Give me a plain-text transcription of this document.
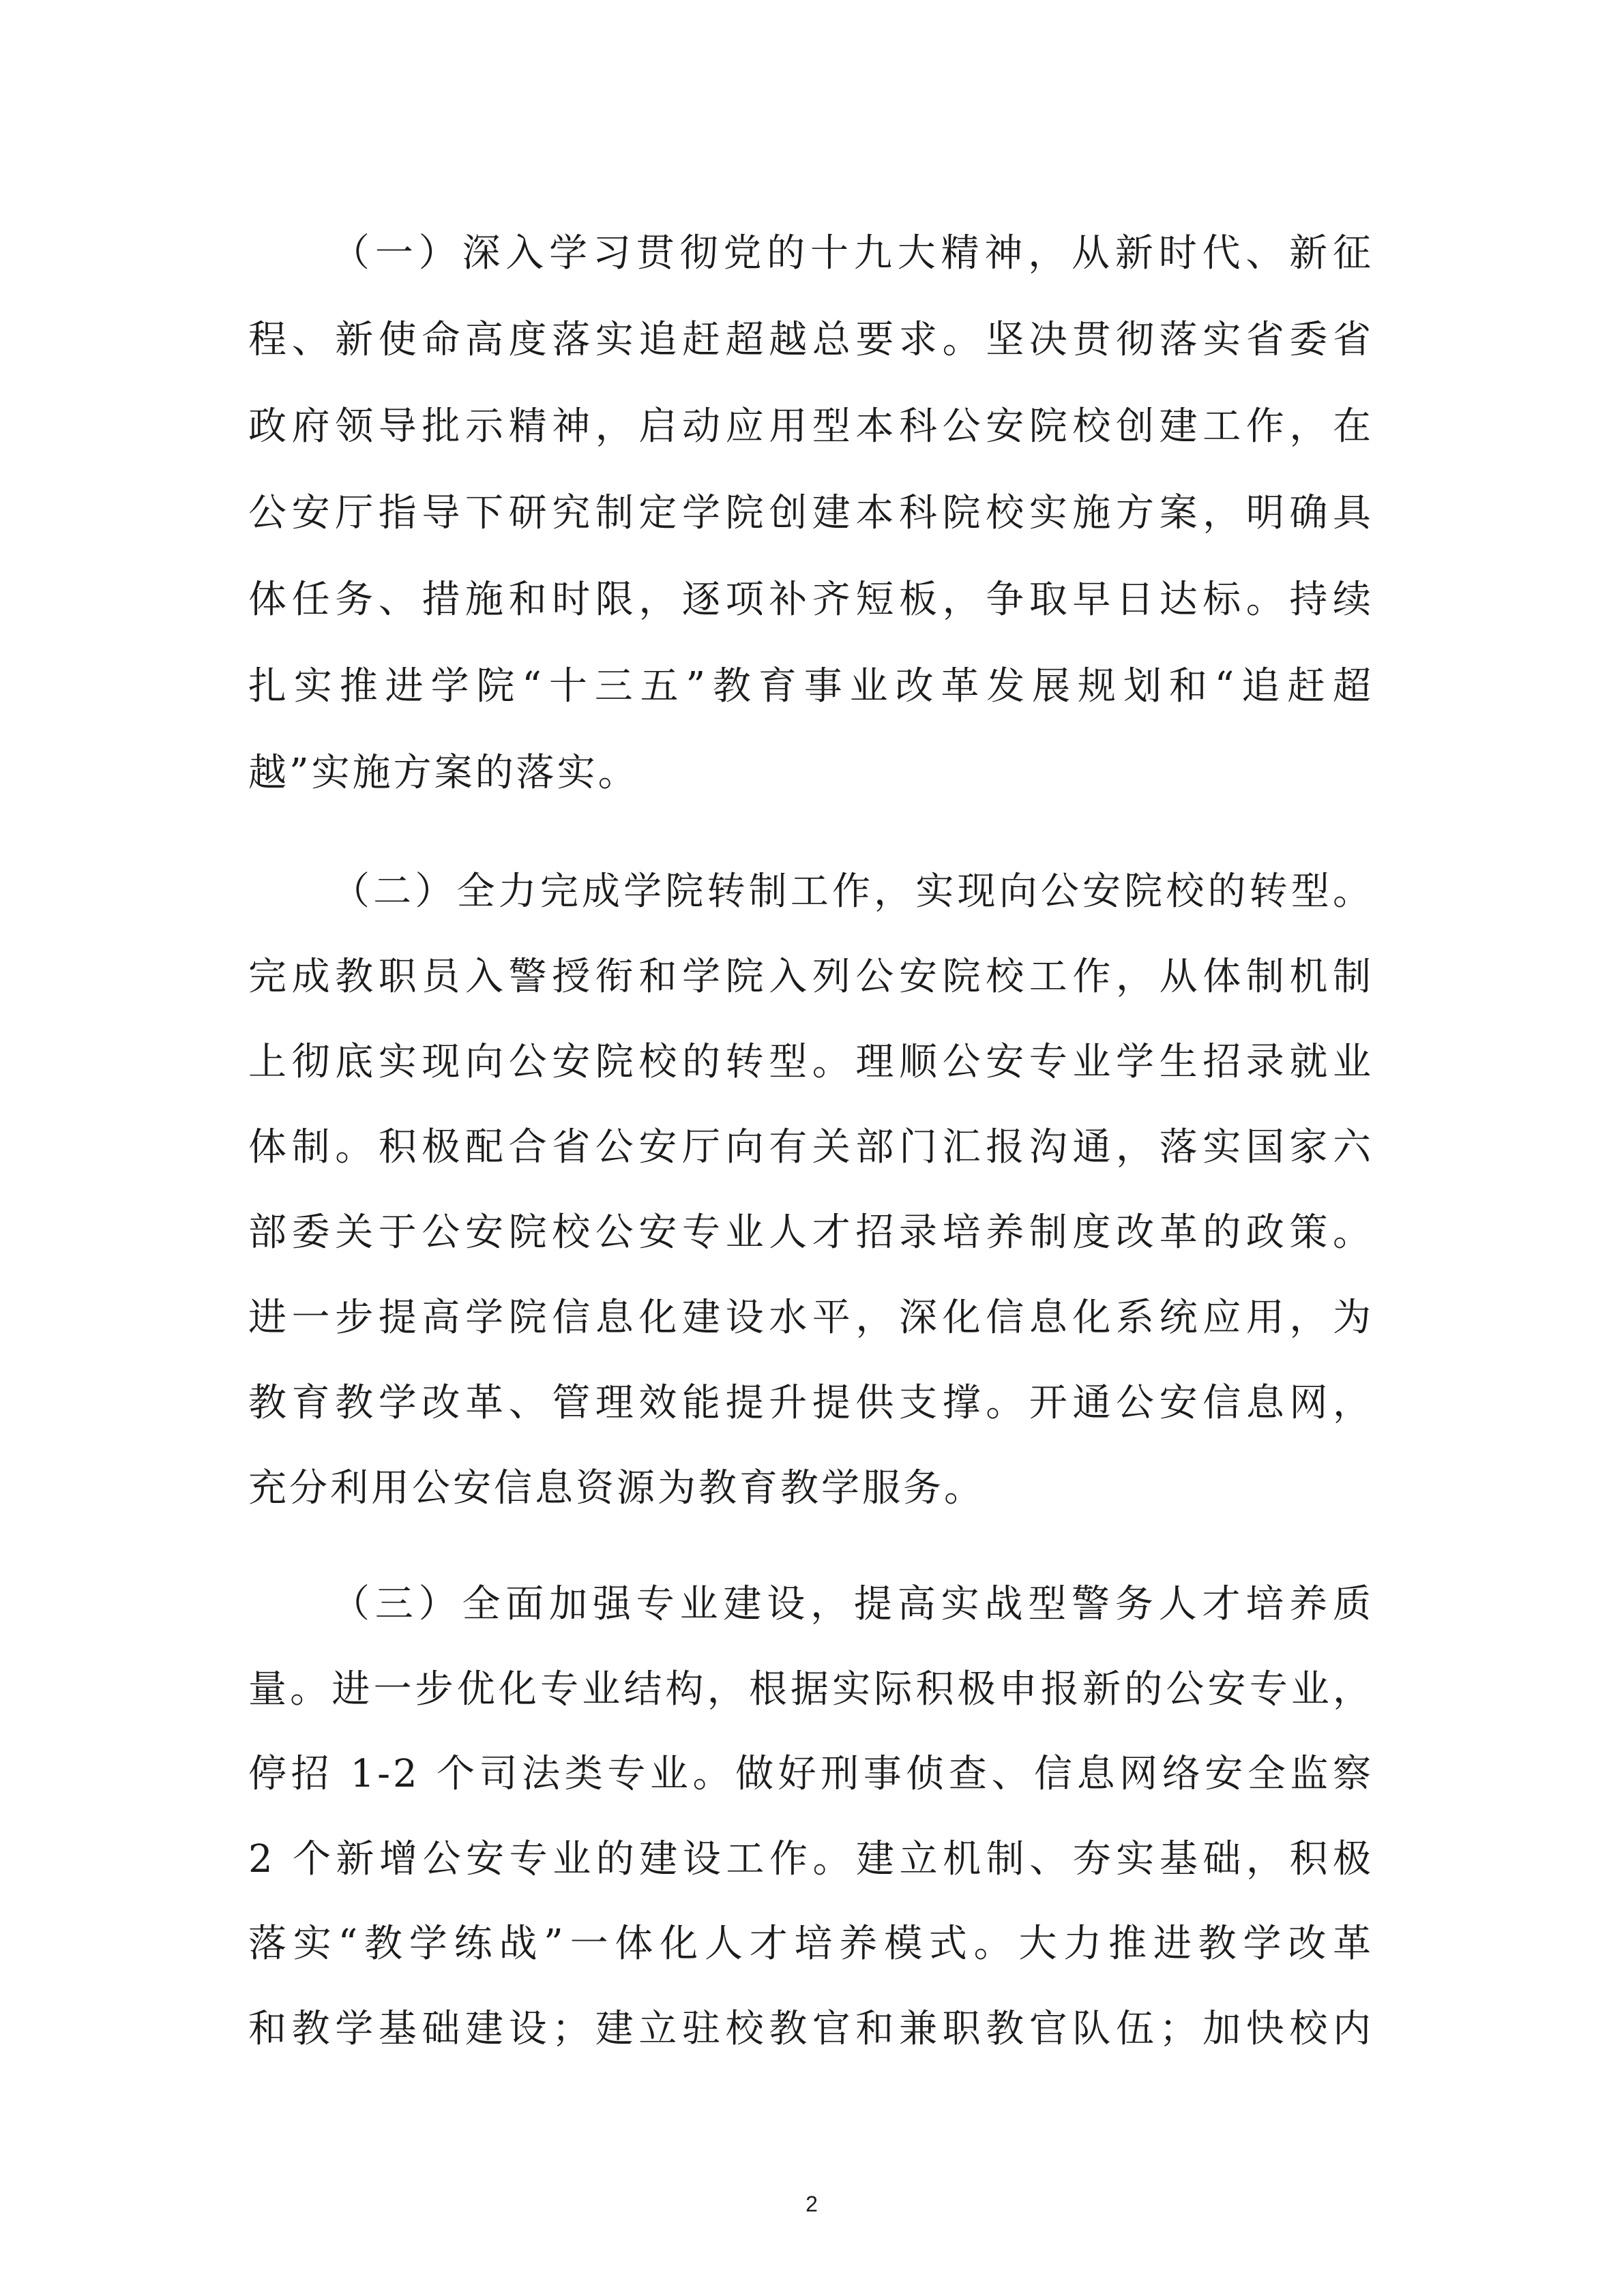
（一）深入学习贯彻党的十九大精神，从新时代、新征
程、新使命高度落实追赶超越总要求。坚决贯彻落实省委省
政府领导批示精神，启动应用型本科公安院校创建工作，在
公安厅指导下研究制定学院创建本科院校实施方案，明确具
体任务、措施和时限，逐项补齐短板，争取早日达标。持续
扎实推进学院“十三五”教育事业改革发展规划和“追赶超
越”实施方案的落实。
（二）全力完成学院转制工作，实现向公安院校的转型。
完成教职员入警授衔和学院入列公安院校工作，从体制机制
上彻底实现向公安院校的转型。理顺公安专业学生招录就业
体制。积极配合省公安厅向有关部门汇报沟通，落实国家六
部委关于公安院校公安专业人才招录培养制度改革的政策。
进一步提高学院信息化建设水平，深化信息化系统应用，为
教育教学改革、管理效能提升提供支撑。开通公安信息网，
充分利用公安信息资源为教育教学服务。
（三）全面加强专业建设，提高实战型警务人才培养质
量。进一步优化专业结构，根据实际积极申报新的公安专业，
停招 1-2 个司法类专业。做好刑事侦查、信息网络安全监察
2 个新增公安专业的建设工作。建立机制、夯实基础，积极
落实“教学练战”一体化人才培养模式。大力推进教学改革
和教学基础建设；建立驻校教官和兼职教官队伍；加快校内
2
